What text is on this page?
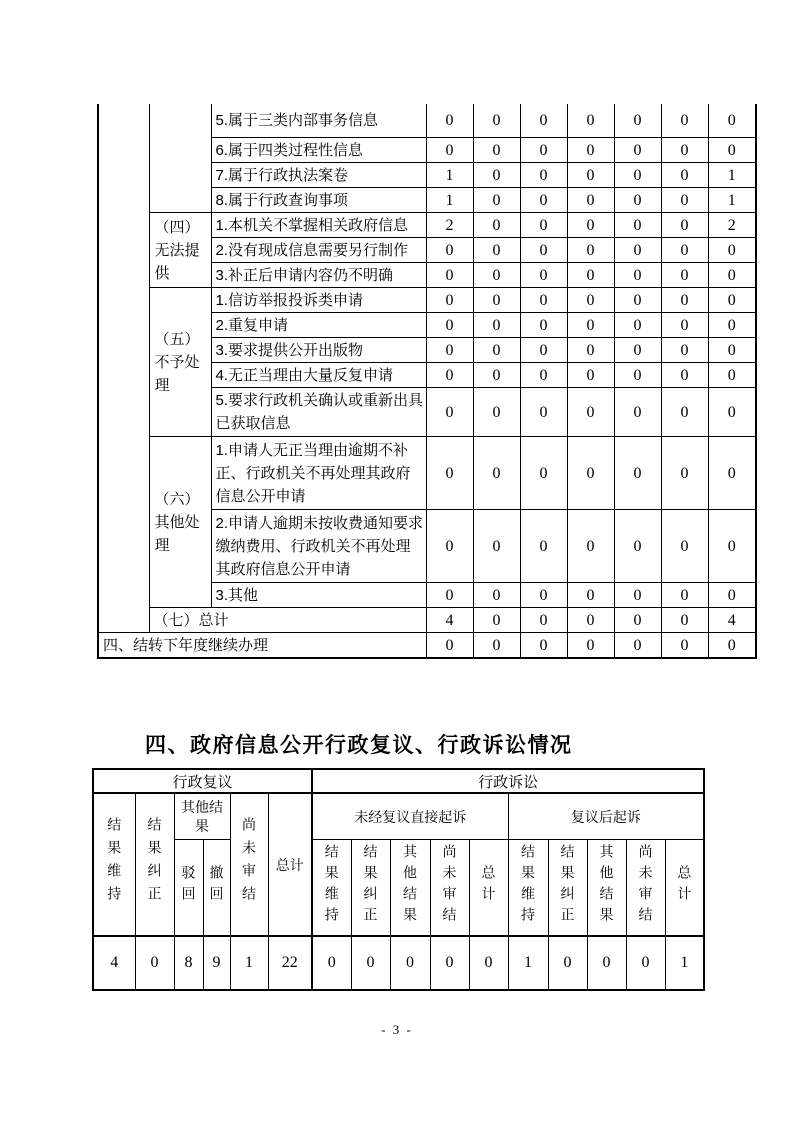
		5.属于三类内部事务信息	0	0	0	0	0	0	0
		6.属于四类过程性信息	0	0	0	0	0	0	0
		7.属于行政执法案卷	1	0	0	0	0	0	1
		8.属于行政查询事项	1	0	0	0	0	0	1
	（四）无法提供	1.本机关不掌握相关政府信息	2	0	0	0	0	0	2
		2.没有现成信息需要另行制作	0	0	0	0	0	0	0
		3.补正后申请内容仍不明确	0	0	0	0	0	0	0
	（五）不予处理	1.信访举报投诉类申请	0	0	0	0	0	0	0
		2.重复申请	0	0	0	0	0	0	0
		3.要求提供公开出版物	0	0	0	0	0	0	0
		4.无正当理由大量反复申请	0	0	0	0	0	0	0
		5.要求行政机关确认或重新出具已获取信息	0	0	0	0	0	0	0
	（六）其他处理	1.申请人无正当理由逾期不补正、行政机关不再处理其政府信息公开申请	0	0	0	0	0	0	0
		2.申请人逾期未按收费通知要求缴纳费用、行政机关不再处理其政府信息公开申请	0	0	0	0	0	0	0
		3.其他	0	0	0	0	0	0	0
	（七）总计		4	0	0	0	0	0	4
四、结转下年度继续办理			0	0	0	0	0	0	0
四、政府信息公开行政复议、行政诉讼情况
行政复议						行政诉讼									
结果维持	结果纠正	其他结果		尚未审结	总计	未经复议直接起诉					复议后起诉				
		驳回	撤回			结果维持	结果纠正	其他结果	尚未审结	总计	结果维持	结果纠正	其他结果	尚未审结	总计
4	0	8	9	1	22	0	0	0	0	0	1	0	0	0	1
- 3 -
